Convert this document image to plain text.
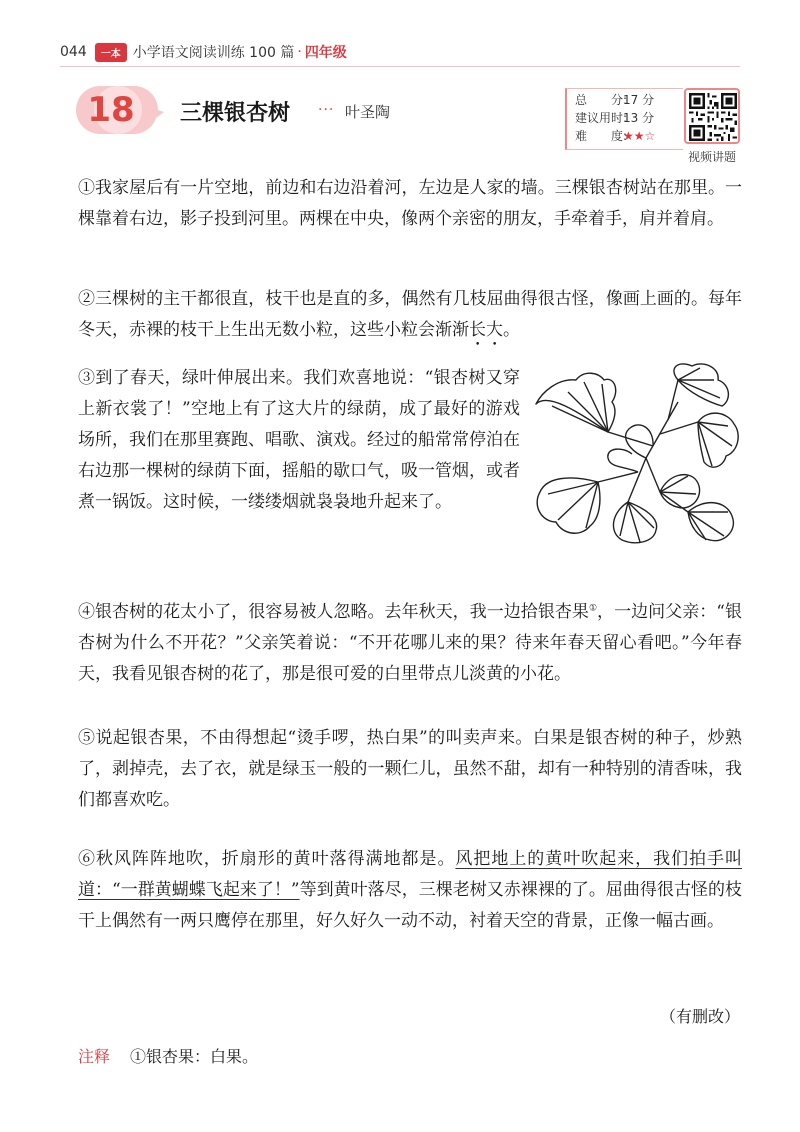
044	一本 小学语文阅读训练 100 篇 · 四年级
18	三棵银杏树 ··· 叶圣陶
总　　分:
17 分
建议用时:
13 分
难　　度:
★★☆
视频讲题

①我家屋后有一片空地，前边和右边沿着河，左边是人家的墙。三棵银杏树站在那里。一棵靠着右边，影子投到河里。两棵在中央，像两个亲密的朋友，手牵着手，肩并着肩。

②三棵树的主干都很直，枝干也是直的多，偶然有几枝屈曲得很古怪，像画上画的。每年冬天，赤裸的枝干上生出无数小粒，这些小粒会渐渐长大。

③到了春天，绿叶伸展出来。我们欢喜地说：“银杏树又穿上新衣裳了！”空地上有了这大片的绿荫，成了最好的游戏场所，我们在那里赛跑、唱歌、演戏。经过的船常常停泊在右边那一棵树的绿荫下面，摇船的歇口气，吸一管烟，或者煮一锅饭。这时候，一缕缕烟就袅袅地升起来了。

④银杏树的花太小了，很容易被人忽略。去年秋天，我一边拾银杏果①，一边问父亲：“银杏树为什么不开花？”父亲笑着说：“不开花哪儿来的果？待来年春天留心看吧。”今年春天，我看见银杏树的花了，那是很可爱的白里带点儿淡黄的小花。

⑤说起银杏果，不由得想起“烫手啰，热白果”的叫卖声来。白果是银杏树的种子，炒熟了，剥掉壳，去了衣，就是绿玉一般的一颗仁儿，虽然不甜，却有一种特别的清香味，我们都喜欢吃。

⑥秋风阵阵地吹，折扇形的黄叶落得满地都是。风把地上的黄叶吹起来，我们拍手叫道：“一群黄蝴蝶飞起来了！”等到黄叶落尽，三棵老树又赤裸裸的了。屈曲得很古怪的枝干上偶然有一两只鹰停在那里，好久好久一动不动，衬着天空的背景，正像一幅古画。

（有删改）
注释 ①银杏果：白果。
